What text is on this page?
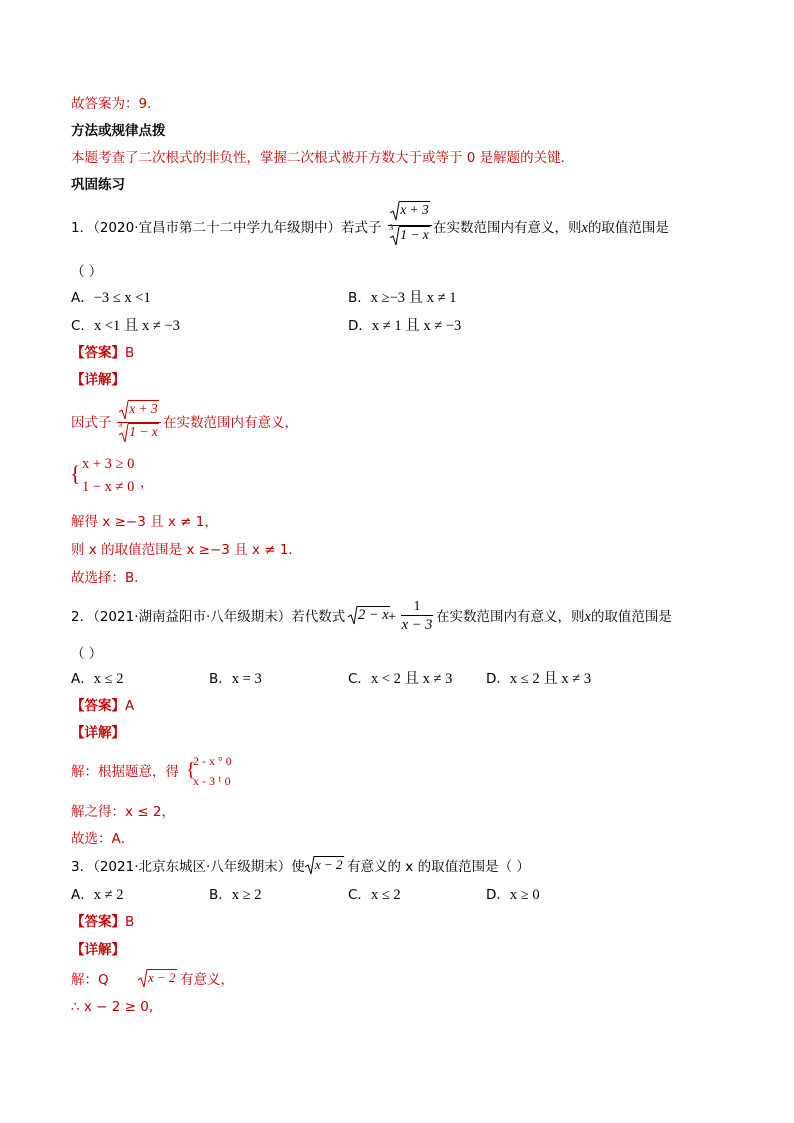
故答案为：9．
方法或规律点拨
本题考查了二次根式的非负性，掌握二次根式被开方数大于或等于 0 是解题的关键．
巩固练习
1．（2020·宜昌市第二十二中学九年级期中）若式子
x + 3
3 1 − x 在实数范围内有意义，则x的取值范围是
（ ）
A．−3 ≤ x <1	B．x ≥−3 且 x ≠ 1
C．x <1 且 x ≠ −3	D．x ≠ 1 且 x ≠ −3
【答案】B
【详解】
因式子
x + 3
3 1 − x
在实数范围内有意义，
{ x + 3 ≥ 0
1 − x ≠ 0 ，
解得 x ≥−3 且 x ≠ 1，
则 x 的取值范围是 x ≥−3 且 x ≠ 1．
故选择：B．
2．（2021·湖南益阳市·八年级期末）若代数式 2 − x +
1
x − 3 在实数范围内有意义，则x的取值范围是
（ ）
A．x ≤ 2	B．x = 3	C．x < 2 且 x ≠ 3 D．x ≤ 2 且 x ≠ 3
【答案】A
【详解】
解：根据题意，得 {
2 - x ° 0
x - 3 ¹ 0
解之得：x ≤ 2，
故选：A．
3．（2021·北京东城区·八年级期末）使 x − 2 有意义的 x 的取值范围是（ ）
A．x ≠ 2	B．x ≥ 2	C．x ≤ 2	D．x ≥ 0
【答案】B
【详解】
解：Q	x − 2 有意义，
∴ x − 2 ≥ 0,
